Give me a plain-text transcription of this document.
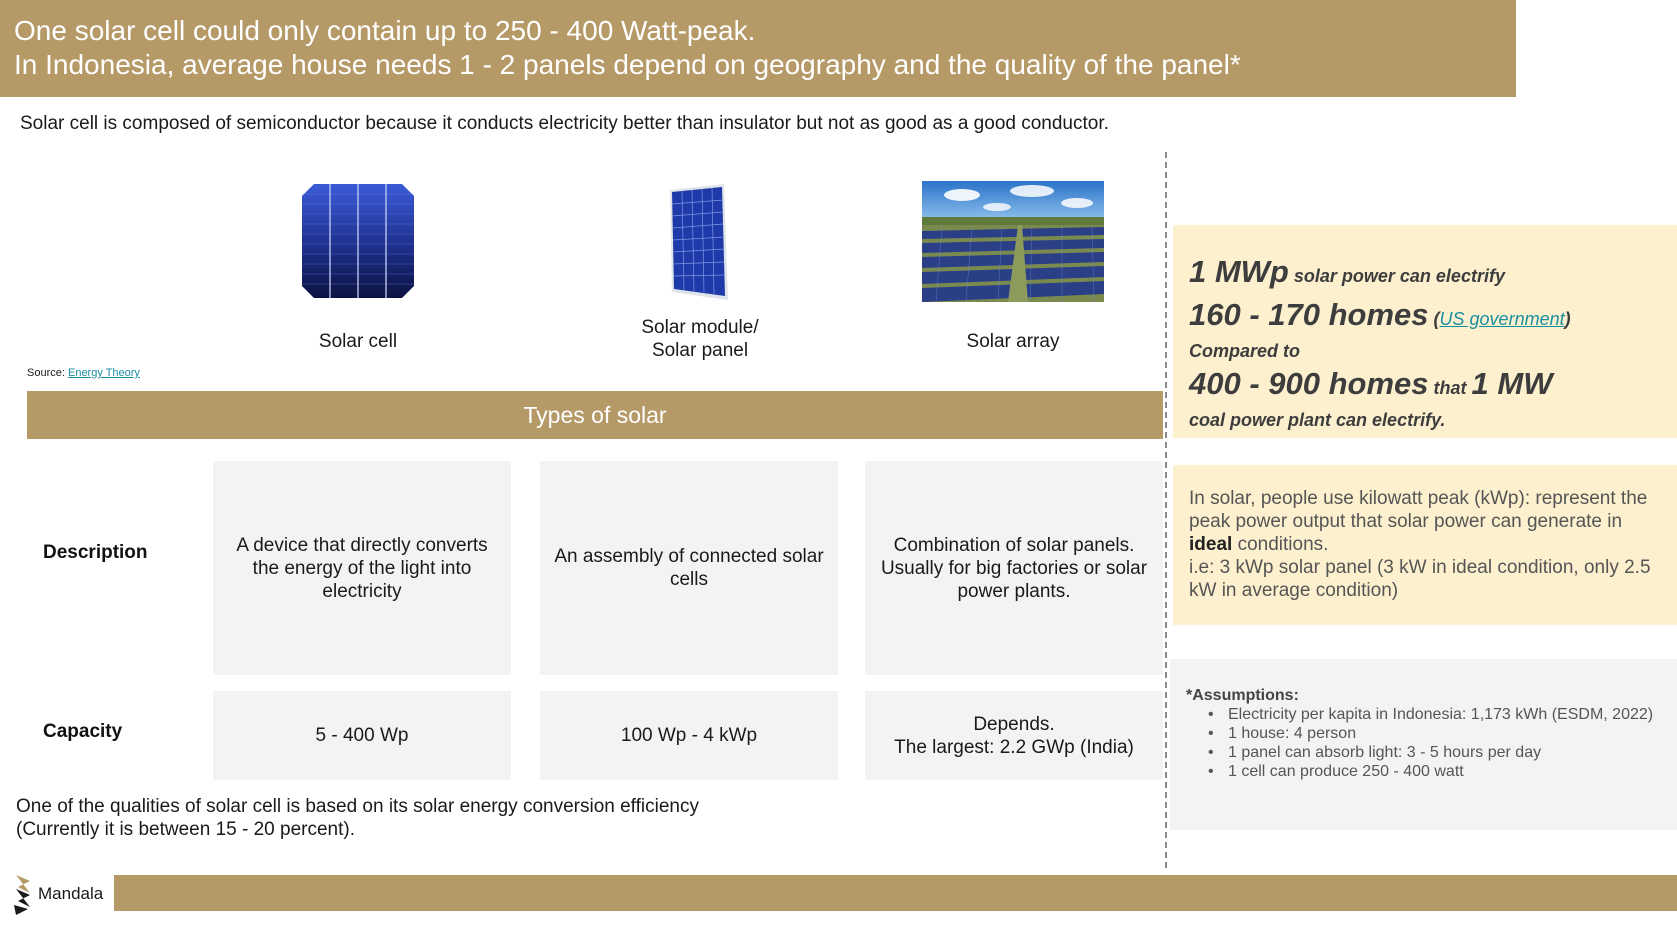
One solar cell could only contain up to 250 - 400 Watt-peak.
In Indonesia, average house needs 1 - 2 panels depend on geography and the quality of the panel*
Solar cell is composed of semiconductor because it conducts electricity better than insulator but not as good as a good conductor.
Solar cell
Solar module/
Solar panel	Solar array
Source: Energy Theory
Types of solar
Description
Capacity
A device that directly converts the energy of the light into electricity
An assembly of connected solar cells
Combination of solar panels. Usually for big factories or solar power plants.
5 - 400 Wp	100 Wp - 4 kWp
Depends.
The largest: 2.2 GWp (India)
One of the qualities of solar cell is based on its solar energy conversion efficiency
(Currently it is between 15 - 20 percent).
Mandala
1 MWp solar power can electrify
160 - 170 homes (US government)
Compared to
400 - 900 homes that 1 MW
coal power plant can electrify.
In solar, people use kilowatt peak (kWp): represent the peak power output that solar power can generate in ideal conditions.
i.e: 3 kWp solar panel (3 kW in ideal condition, only 2.5 kW in average condition)
*Assumptions:
• Electricity per kapita in Indonesia: 1,173 kWh (ESDM, 2022)
• 1 house: 4 person
• 1 panel can absorb light: 3 - 5 hours per day
• 1 cell can produce 250 - 400 watt
